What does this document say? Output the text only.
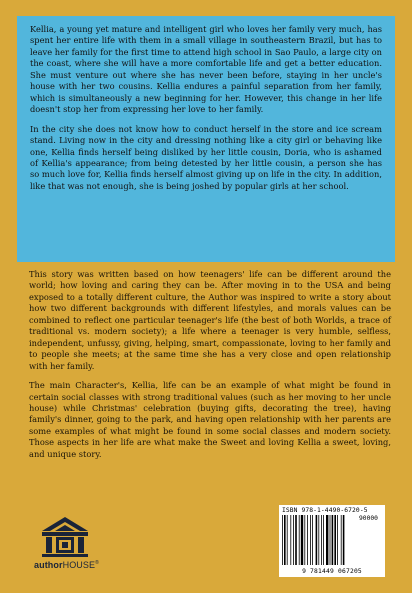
Kellia, a young yet mature and intelligent girl who loves her family very much, has spent her entire life with them in a small village in southeastern Brazil, but has to leave her family for the first time to attend high school in Sao Paulo, a large city on the coast, where she will have a more comfortable life and get a better education. She must venture out where she has never been before, staying in her uncle's house with her two cousins. Kellia endures a painful separation from her family, which is simultaneously a new beginning for her. However, this change in her life doesn't stop her from expressing her love to her family.

In the city she does not know how to conduct herself in the store and ice scream stand. Living now in the city and dressing nothing like a city girl or behaving like one, Kellia finds herself being disliked by her little cousin, Doria, who is ashamed of Kellia's appearance; from being detested by her little cousin, a person she has so much love for, Kellia finds herself almost giving up on life in the city. In addition, like that was not enough, she is being joshed by popular girls at her school.

This story was written based on how teenagers' life can be different around the world; how loving and caring they can be. After moving in to the USA and being exposed to a totally different culture, the Author was inspired to write a story about how two different backgrounds with different lifestyles, and morals values can be combined to reflect one particular teenager's life (the best of both Worlds, a trace of traditional vs. modern society); a life where a teenager is very humble, selfless, independent, unfussy, giving, helping, smart, compassionate, loving to her family and to people she meets; at the same time she has a very close and open relationship with her family.

The main Character's, Kellia, life can be an example of what might be found in certain social classes with strong traditional values (such as her moving to her uncle house) while Christmas' celebration (buying gifts, decorating the tree), having family's dinner, going to the park, and having open relationship with her parents are some examples of what might be found in some social classes and modern society. Those aspects in her life are what make the Sweet and loving Kellia a sweet, loving, and unique story.

authorHOUSE®
ISBN 978-1-4490-6720-5
90000
9 781449 067205
